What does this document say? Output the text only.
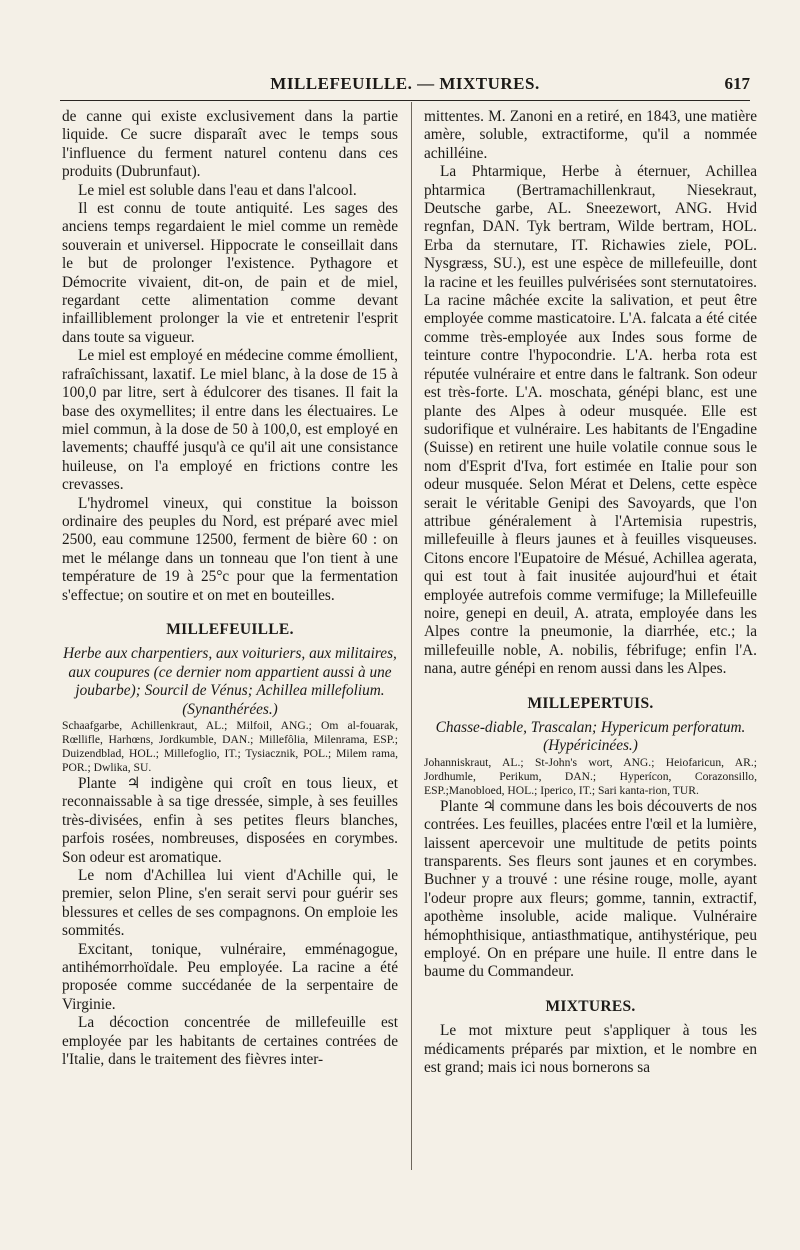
MILLEFEUILLE. — MIXTURES.	617

de canne qui existe exclusivement dans la partie liquide. Ce sucre disparaît avec le temps sous l'influence du ferment naturel contenu dans ces produits (Dubrunfaut).

Le miel est soluble dans l'eau et dans l'alcool.

Il est connu de toute antiquité. Les sages des anciens temps regardaient le miel comme un remède souverain et universel. Hippocrate le conseillait dans le but de prolonger l'existence. Pythagore et Démocrite vivaient, dit-on, de pain et de miel, regardant cette alimentation comme devant infailliblement prolonger la vie et entretenir l'esprit dans toute sa vigueur.

Le miel est employé en médecine comme émollient, rafraîchissant, laxatif. Le miel blanc, à la dose de 15 à 100,0 par litre, sert à édulcorer des tisanes. Il fait la base des oxymellites; il entre dans les électuaires. Le miel commun, à la dose de 50 à 100,0, est employé en lavements; chauffé jusqu'à ce qu'il ait une consistance huileuse, on l'a employé en frictions contre les crevasses.

L'hydromel vineux, qui constitue la boisson ordinaire des peuples du Nord, est préparé avec miel 2500, eau commune 12500, ferment de bière 60 : on met le mélange dans un tonneau que l'on tient à une température de 19 à 25°c pour que la fermentation s'effectue; on soutire et on met en bouteilles.

MILLEFEUILLE.

Herbe aux charpentiers, aux voituriers, aux militaires, aux coupures (ce dernier nom appartient aussi à une joubarbe); Sourcil de Vénus; Achillea millefolium. (Synanthérées.)

Schaafgarbe, Achillenkraut, AL.; Milfoil, ANG.; Om al-fouarak, Rœllifle, Harhœns, Jordkumble, DAN.; Millefôlia, Milenrama, ESP.; Duizendblad, HOL.; Millefoglio, IT.; Tysiacznik, POL.; Milem rama, POR.; Dwlika, SU.

Plante ♃ indigène qui croît en tous lieux, et reconnaissable à sa tige dressée, simple, à ses feuilles très-divisées, enfin à ses petites fleurs blanches, parfois rosées, nombreuses, disposées en corymbes. Son odeur est aromatique.

Le nom d'Achillea lui vient d'Achille qui, le premier, selon Pline, s'en serait servi pour guérir ses blessures et celles de ses compagnons. On emploie les sommités.

Excitant, tonique, vulnéraire, emménagogue, antihémorrhoïdale. Peu employée. La racine a été proposée comme succédanée de la serpentaire de Virginie.

La décoction concentrée de millefeuille est employée par les habitants de certaines contrées de l'Italie, dans le traitement des fièvres inter-

mittentes. M. Zanoni en a retiré, en 1843, une matière amère, soluble, extractiforme, qu'il a nommée achilléine.

La Phtarmique, Herbe à éternuer, Achillea phtarmica (Bertramachillenkraut, Niesekraut, Deutsche garbe, AL. Sneezewort, ANG. Hvid regnfan, DAN. Tyk bertram, Wilde bertram, HOL. Erba da sternutare, IT. Richawies ziele, POL. Nysgræss, SU.), est une espèce de millefeuille, dont la racine et les feuilles pulvérisées sont sternutatoires. La racine mâchée excite la salivation, et peut être employée comme masticatoire. L'A. falcata a été citée comme très-employée aux Indes sous forme de teinture contre l'hypocondrie. L'A. herba rota est réputée vulnéraire et entre dans le faltrank. Son odeur est très-forte. L'A. moschata, génépi blanc, est une plante des Alpes à odeur musquée. Elle est sudorifique et vulnéraire. Les habitants de l'Engadine (Suisse) en retirent une huile volatile connue sous le nom d'Esprit d'Iva, fort estimée en Italie pour son odeur musquée. Selon Mérat et Delens, cette espèce serait le véritable Genipi des Savoyards, que l'on attribue généralement à l'Artemisia rupestris, millefeuille à fleurs jaunes et à feuilles visqueuses. Citons encore l'Eupatoire de Mésué, Achillea agerata, qui est tout à fait inusitée aujourd'hui et était employée autrefois comme vermifuge; la Millefeuille noire, genepi en deuil, A. atrata, employée dans les Alpes contre la pneumonie, la diarrhée, etc.; la millefeuille noble, A. nobilis, fébrifuge; enfin l'A. nana, autre génépi en renom aussi dans les Alpes.

MILLEPERTUIS.

Chasse-diable, Trascalan; Hypericum perforatum. (Hypéricinées.)

Johanniskraut, AL.; St-John's wort, ANG.; Heiofaricun, AR.; Jordhumle, Perikum, DAN.; Hyperícon, Corazonsillo, ESP.;Manobloed, HOL.; Iperico, IT.; Sari kanta-rion, TUR.

Plante ♃ commune dans les bois découverts de nos contrées. Les feuilles, placées entre l'œil et la lumière, laissent apercevoir une multitude de petits points transparents. Ses fleurs sont jaunes et en corymbes. Buchner y a trouvé : une résine rouge, molle, ayant l'odeur propre aux fleurs; gomme, tannin, extractif, apothème insoluble, acide malique. Vulnéraire hémophthisique, antiasthmatique, antihystérique, peu employé. On en prépare une huile. Il entre dans le baume du Commandeur.

MIXTURES.

Le mot mixture peut s'appliquer à tous les médicaments préparés par mixtion, et le nombre en est grand; mais ici nous bornerons sa
